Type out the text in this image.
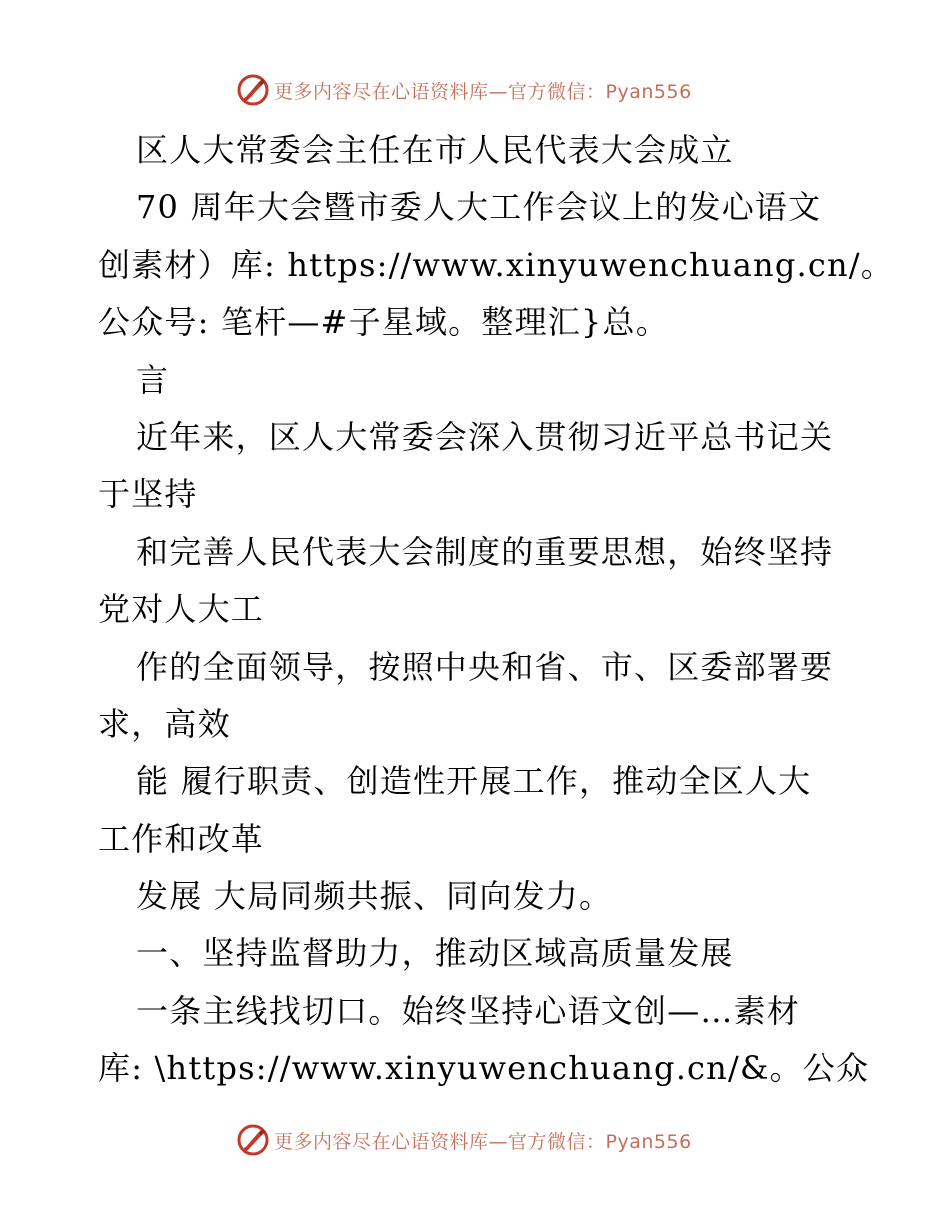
更多内容尽在心语资料库—官方微信：Pyan556
区人大常委会主任在市人民代表大会成立
70 周年大会暨市委人大工作会议上的发心语文
创素材）库: https://www.xinyuwenchuang.cn/。
公众号: 笔杆—#子星域。整理汇}总。
言
近年来，区人大常委会深入贯彻习近平总书记关
于坚持
和完善人民代表大会制度的重要思想，始终坚持
党对人大工
作的全面领导，按照中央和省、市、区委部署要
求，高效
能 履行职责、创造性开展工作，推动全区人大
工作和改革
发展 大局同频共振、同向发力。
一、坚持监督助力，推动区域高质量发展
一条主线找切口。始终坚持心语文创—…素材
库: \https://www.xinyuwenchuang.cn/&。公众
更多内容尽在心语资料库—官方微信：Pyan556
